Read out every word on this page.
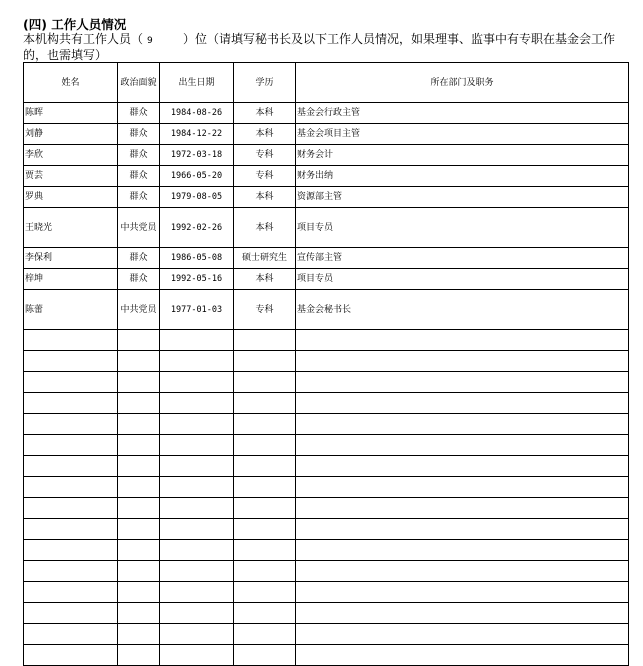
(四) 工作人员情况
本机构共有工作人员（ 9	）位（请填写秘书长及以下工作人员情况，如果理事、监事中有专职在基金会工作的，也需填写）
姓名	政治面貌	出生日期	学历	所在部门及职务
陈晖	群众	1984-08-26	本科	基金会行政主管
刘静	群众	1984-12-22	本科	基金会项目主管
李欣	群众	1972-03-18	专科	财务会计
贾芸	群众	1966-05-20	专科	财务出纳
罗典	群众	1979-08-05	本科	资源部主管
王晓光	中共党员	1992-02-26	本科	项目专员
李保利	群众	1986-05-08	硕士研究生	宣传部主管
梓坤	群众	1992-05-16	本科	项目专员
陈蕾	中共党员	1977-01-03	专科	基金会秘书长
